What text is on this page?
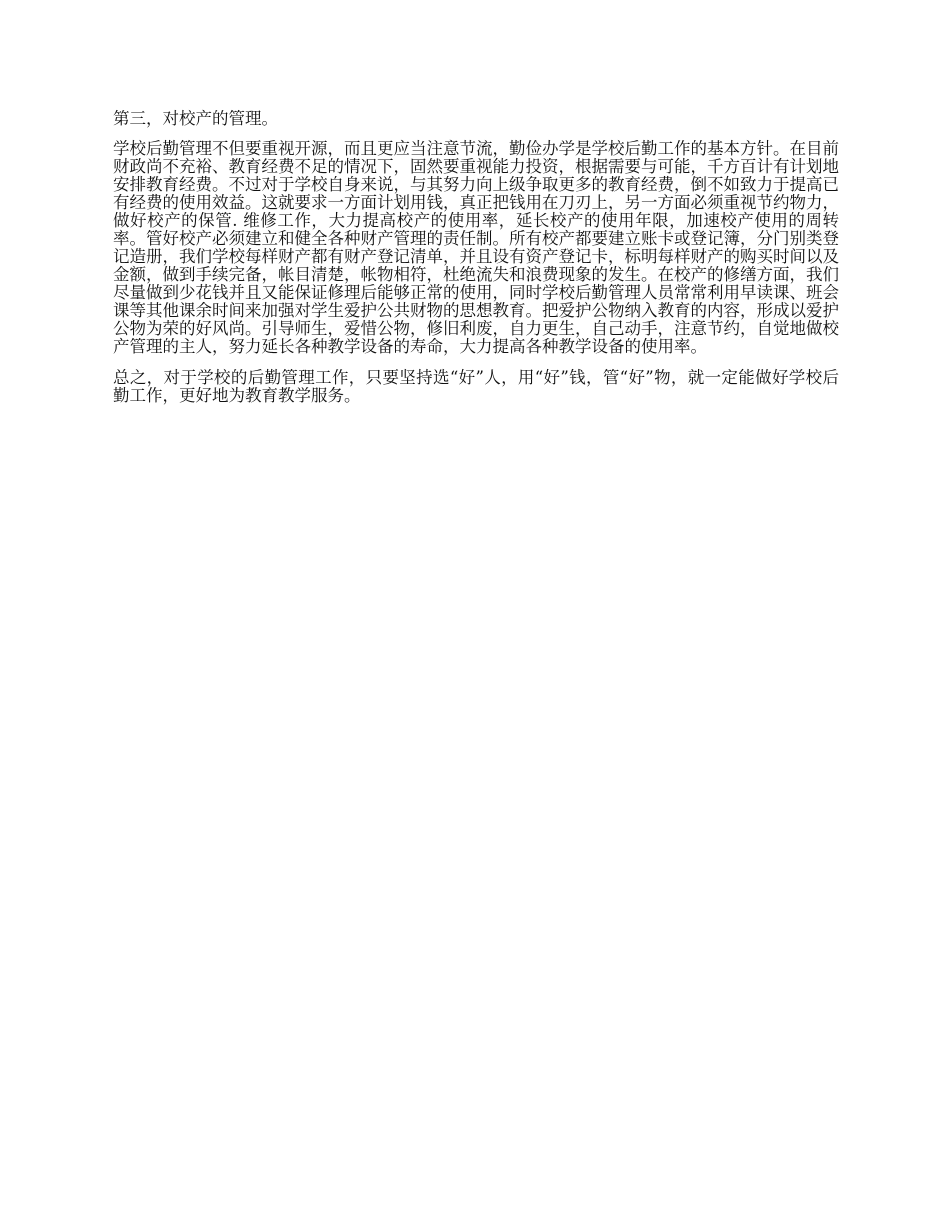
第三，对校产的管理。

学校后勤管理不但要重视开源，而且更应当注意节流，勤俭办学是学校后勤工作的基本方针。在目前财政尚不充裕、教育经费不足的情况下，固然要重视能力投资，根据需要与可能，千方百计有计划地安排教育经费。不过对于学校自身来说，与其努力向上级争取更多的教育经费，倒不如致力于提高已有经费的使用效益。这就要求一方面计划用钱，真正把钱用在刀刃上，另一方面必须重视节约物力，做好校产的保管. 维修工作，大力提高校产的使用率，延长校产的使用年限，加速校产使用的周转率。管好校产必须建立和健全各种财产管理的责任制。所有校产都要建立账卡或登记簿，分门别类登记造册，我们学校每样财产都有财产登记清单，并且设有资产登记卡，标明每样财产的购买时间以及金额，做到手续完备，帐目清楚，帐物相符，杜绝流失和浪费现象的发生。在校产的修缮方面，我们尽量做到少花钱并且又能保证修理后能够正常的使用，同时学校后勤管理人员常常利用早读课、班会课等其他课余时间来加强对学生爱护公共财物的思想教育。把爱护公物纳入教育的内容，形成以爱护公物为荣的好风尚。引导师生，爱惜公物，修旧利废，自力更生，自己动手，注意节约，自觉地做校产管理的主人，努力延长各种教学设备的寿命，大力提高各种教学设备的使用率。

总之，对于学校的后勤管理工作，只要坚持选“好”人，用“好”钱，管“好”物，就一定能做好学校后勤工作，更好地为教育教学服务。
